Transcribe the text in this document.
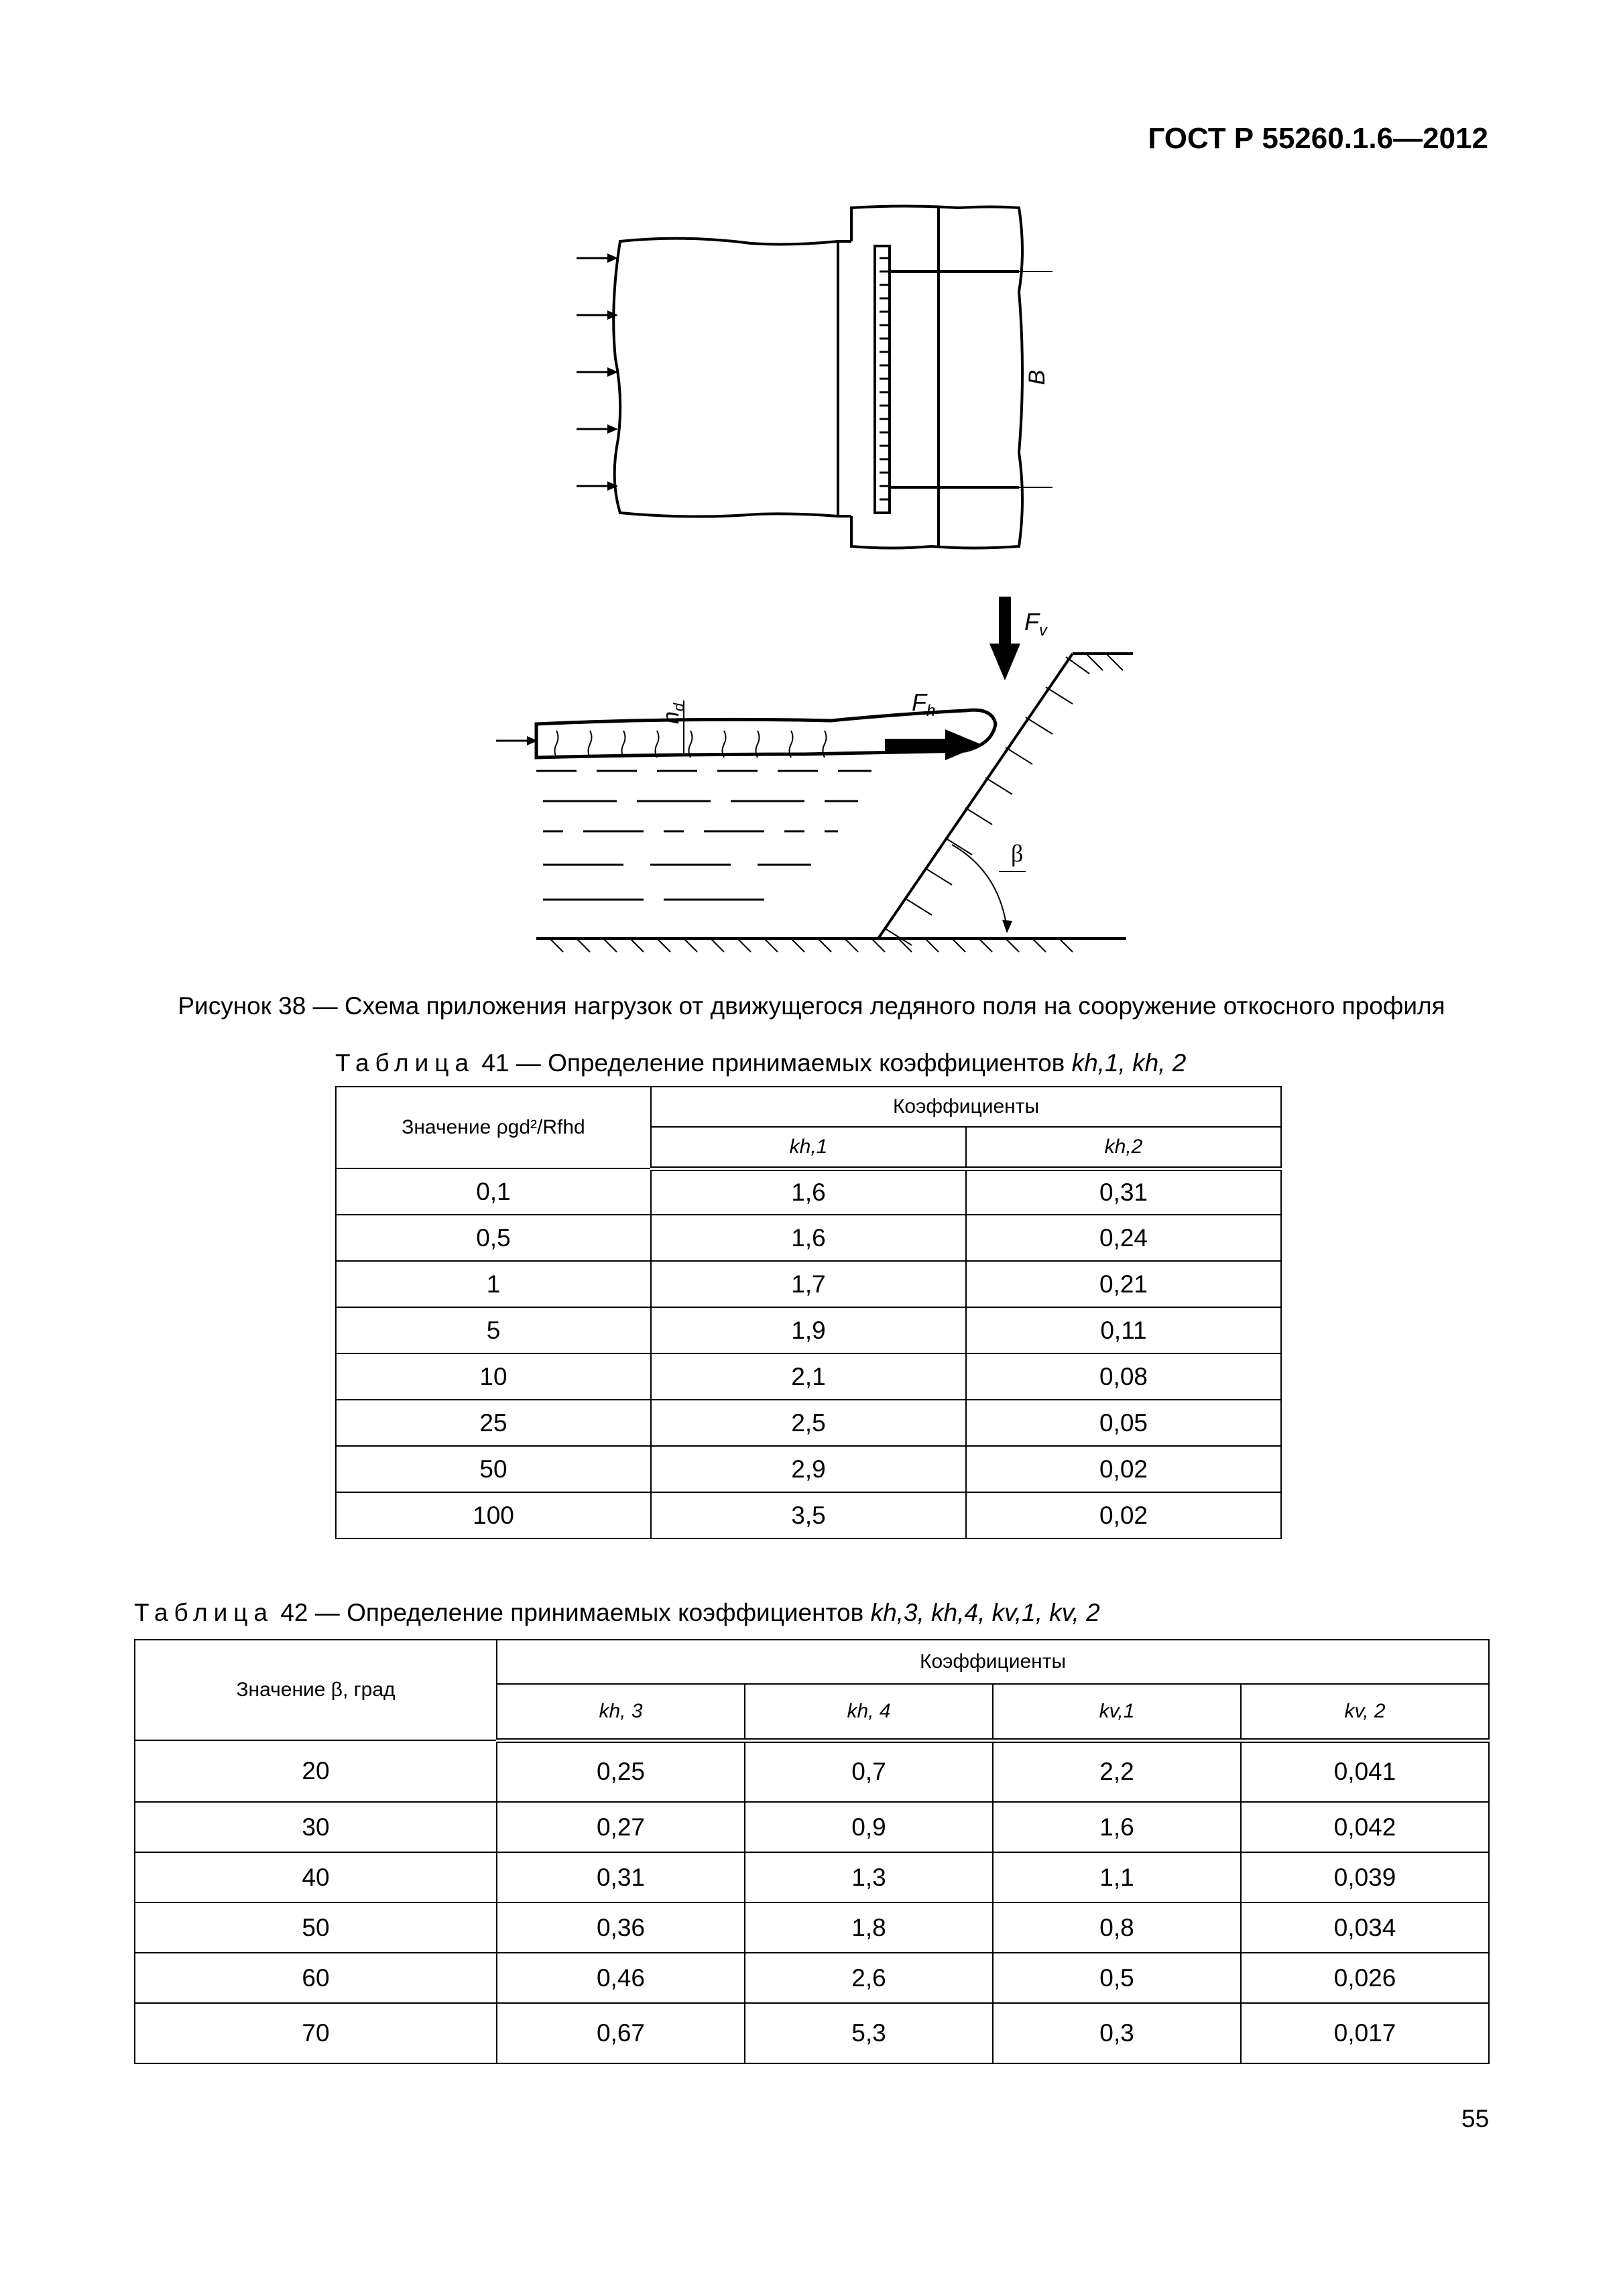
ГОСТ Р 55260.1.6—2012
B
$F_v$
$F_h$
$h_d$
β
Рисунок 38 — Схема приложения нагрузок от движущегося ледяного поля на сооружение откосного профиля
Таблица 41 — Определение принимаемых коэффициентов kh,1, kh, 2
Значение ρgd²/Rfhd	Коэффициенты	
	kh,1	kh,2
0,1	1,6	0,31
0,5	1,6	0,24
1	1,7	0,21
5	1,9	0,11
10	2,1	0,08
25	2,5	0,05
50	2,9	0,02
100	3,5	0,02
Таблица 42 — Определение принимаемых коэффициентов kh,3, kh,4, kv,1, kv, 2
Значение β, град	Коэффициенты			
	kh, 3	kh, 4	kv,1	kv, 2
20	0,25	0,7	2,2	0,041
30	0,27	0,9	1,6	0,042
40	0,31	1,3	1,1	0,039
50	0,36	1,8	0,8	0,034
60	0,46	2,6	0,5	0,026
70	0,67	5,3	0,3	0,017
55
